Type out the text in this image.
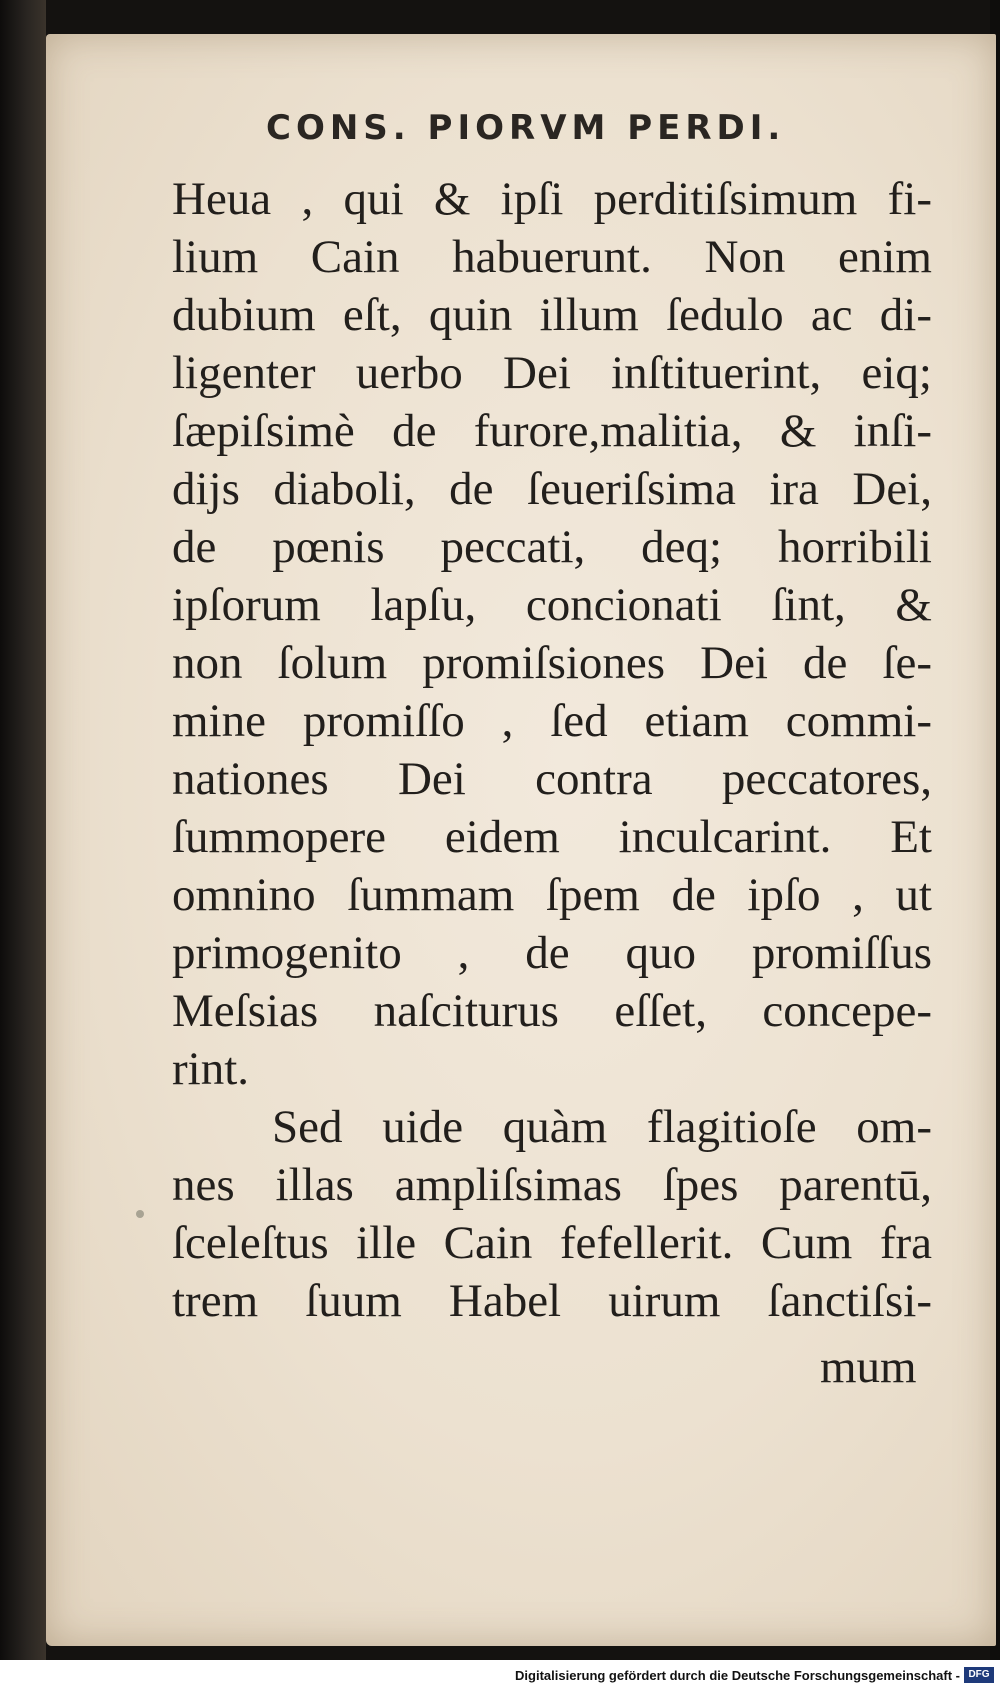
CONS. PIORVM PERDI.
Heua , qui & ipſi perditiſsimum fi-
lium Cain habuerunt. Non enim
dubium eſt, quin illum ſedulo ac di-
ligenter uerbo Dei inſtituerint, eiq;
ſæpiſsimè de furore,malitia, & inſi-
dijs diaboli, de ſeueriſsima ira Dei,
de pœnis peccati, deq; horribili
ipſorum lapſu, concionati ſint, &
non ſolum promiſsiones Dei de ſe-
mine promiſſo , ſed etiam commi-
nationes Dei contra peccatores,
ſummopere eidem inculcarint. Et
omnino ſummam ſpem de ipſo , ut
primogenito , de quo promiſſus
Meſsias naſciturus eſſet, concepe-
rint.
Sed uide quàm flagitioſe om-
nes illas ampliſsimas ſpes parentū,
ſceleſtus ille Cain fefellerit. Cum fra
trem ſuum Habel uirum ſanctiſsi-
mum
Digitalisierung gefördert durch die Deutsche Forschungsgemeinschaft - DFG
